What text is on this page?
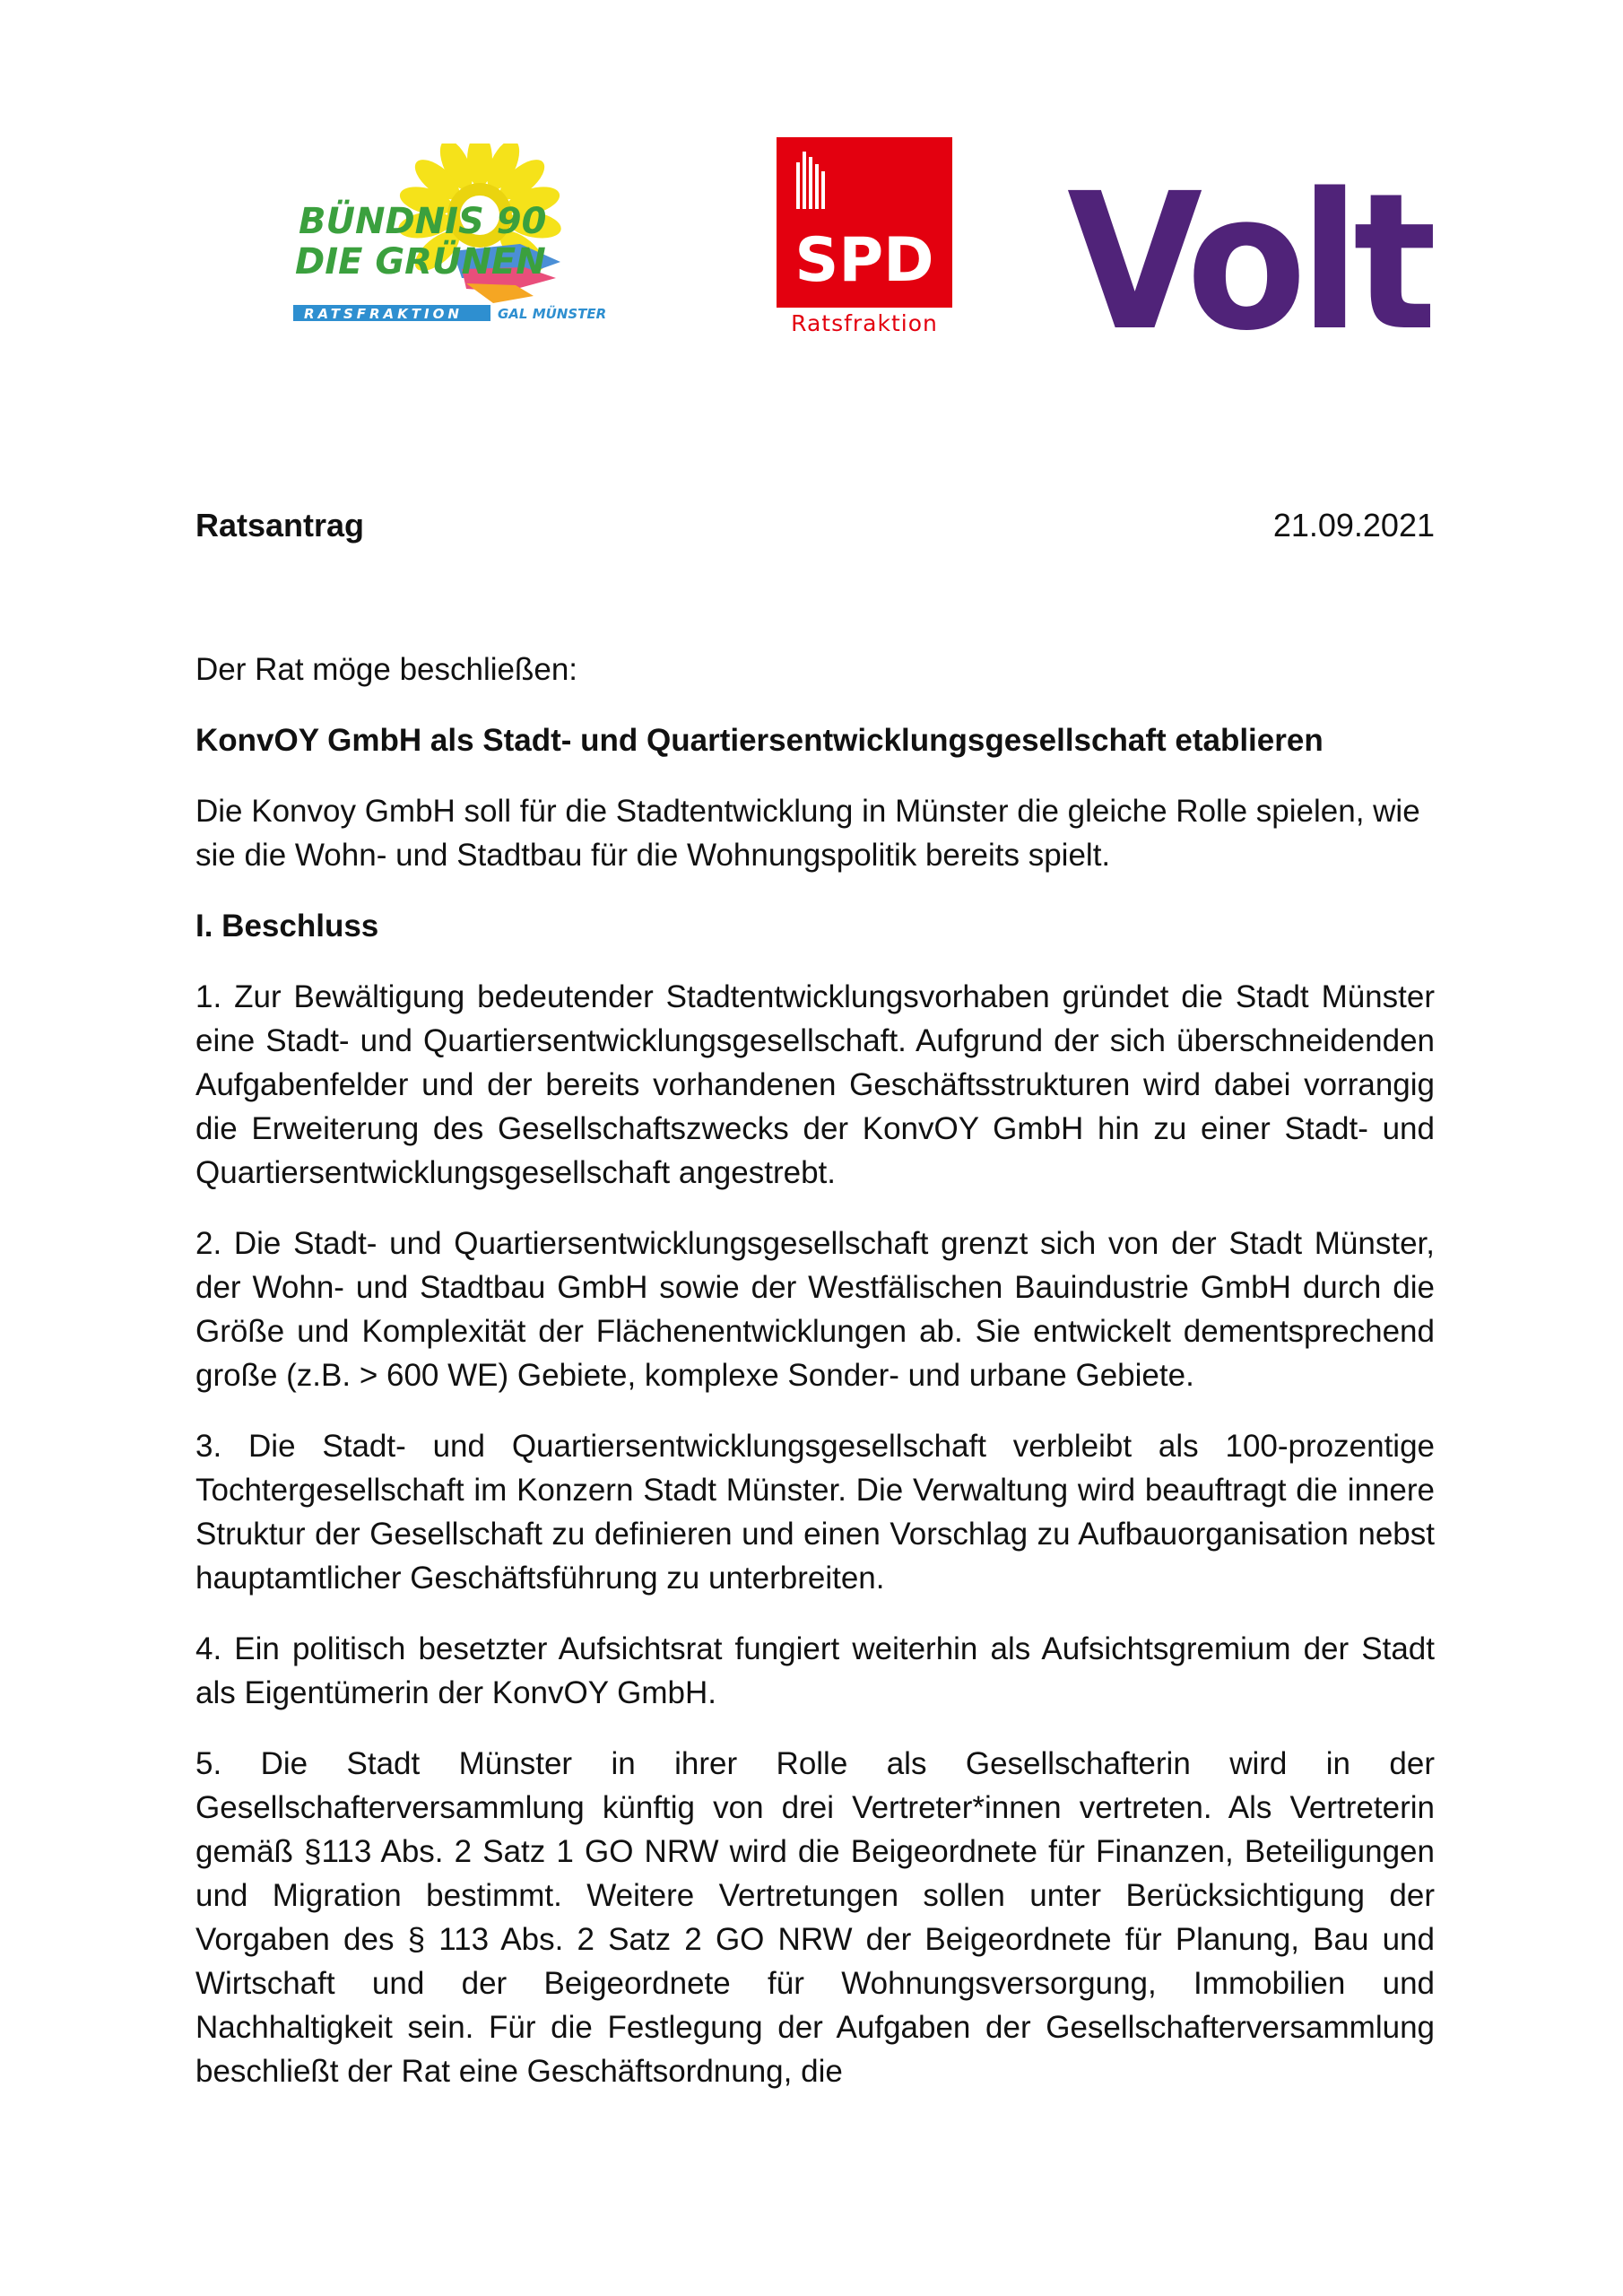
BÜNDNIS 90
DIE GRÜNEN
RATSFRAKTION	GAL MÜNSTER
SPD
Ratsfraktion Volt
Ratsantrag	21.09.2021

Der Rat möge beschließen:

KonvOY GmbH als Stadt- und Quartiersentwicklungsgesellschaft etablieren

Die Konvoy GmbH soll für die Stadtentwicklung in Münster die gleiche Rolle spielen, wie sie die Wohn- und Stadtbau für die Wohnungspolitik bereits spielt.

I. Beschluss

1. Zur Bewältigung bedeutender Stadtentwicklungsvorhaben gründet die Stadt Münster eine Stadt- und Quartiersentwicklungsgesellschaft. Aufgrund der sich überschneidenden Aufgabenfelder und der bereits vorhandenen Geschäftsstrukturen wird dabei vorrangig die Erweiterung des Gesellschaftszwecks der KonvOY GmbH hin zu einer Stadt- und Quartiersentwicklungsgesellschaft angestrebt.

2. Die Stadt- und Quartiersentwicklungsgesellschaft grenzt sich von der Stadt Münster, der Wohn- und Stadtbau GmbH sowie der Westfälischen Bauindustrie GmbH durch die Größe und Komplexität der Flächenentwicklungen ab. Sie entwickelt dementsprechend große (z.B. > 600 WE) Gebiete, komplexe Sonder- und urbane Gebiete.

3. Die Stadt- und Quartiersentwicklungsgesellschaft verbleibt als 100-prozentige Tochtergesellschaft im Konzern Stadt Münster. Die Verwaltung wird beauftragt die innere Struktur der Gesellschaft zu definieren und einen Vorschlag zu Aufbauorganisation nebst hauptamtlicher Geschäftsführung zu unterbreiten.

4. Ein politisch besetzter Aufsichtsrat fungiert weiterhin als Aufsichtsgremium der Stadt als Eigentümerin der KonvOY GmbH.

5. Die Stadt Münster in ihrer Rolle als Gesellschafterin wird in der Gesellschafterversammlung künftig von drei Vertreter*innen vertreten. Als Vertreterin gemäß §113 Abs. 2 Satz 1 GO NRW wird die Beigeordnete für Finanzen, Beteiligungen und Migration bestimmt. Weitere Vertretungen sollen unter Berücksichtigung der Vorgaben des § 113 Abs. 2 Satz 2 GO NRW der Beigeordnete für Planung, Bau und Wirtschaft und der Beigeordnete für Wohnungsversorgung, Immobilien und Nachhaltigkeit sein. Für die Festlegung der Aufgaben der Gesellschafterversammlung beschließt der Rat eine Geschäftsordnung, die
